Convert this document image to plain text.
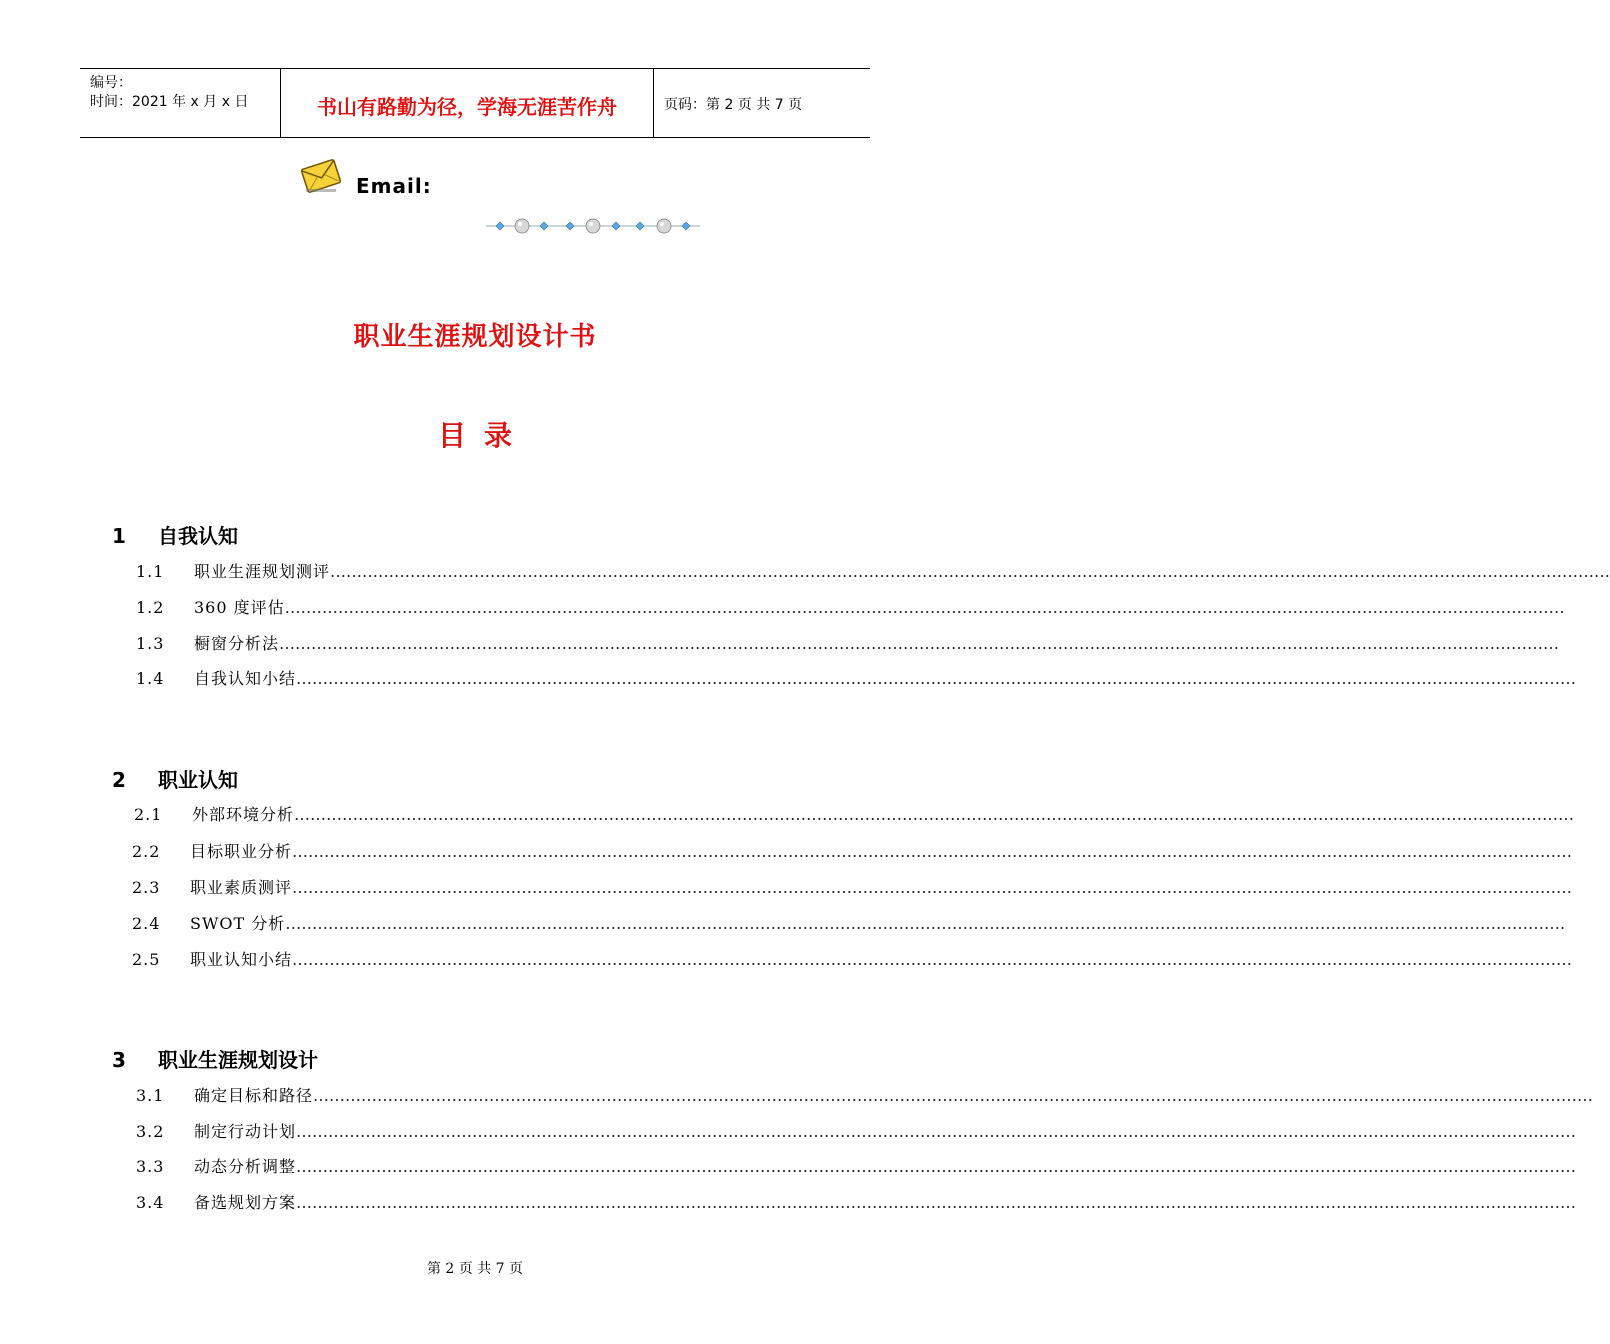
编号：
时间：2021 年 x 月 x 日	书山有路勤为径，学海无涯苦作舟	页码：第 2 页 共 7 页
Email:
职业生涯规划设计书
目录
1 自我认知
1.1	职业生涯规划测评 ……………………………………………………………………………………………………………………………………………………………………………………………………………………
1.2	360 度评估 ……………………………………………………………………………………………………………………………………………………………………………………………………………………
1.3	橱窗分析法 ……………………………………………………………………………………………………………………………………………………………………………………………………………………
1.4	自我认知小结 ……………………………………………………………………………………………………………………………………………………………………………………………………………………
2 职业认知
2.1	外部环境分析 ……………………………………………………………………………………………………………………………………………………………………………………………………………………
2.2	目标职业分析 ……………………………………………………………………………………………………………………………………………………………………………………………………………………
2.3	职业素质测评 ……………………………………………………………………………………………………………………………………………………………………………………………………………………
2.4	SWOT 分析 ……………………………………………………………………………………………………………………………………………………………………………………………………………………
2.5	职业认知小结 ……………………………………………………………………………………………………………………………………………………………………………………………………………………
3 职业生涯规划设计
3.1	确定目标和路径 ……………………………………………………………………………………………………………………………………………………………………………………………………………………
3.2	制定行动计划 ……………………………………………………………………………………………………………………………………………………………………………………………………………………
3.3	动态分析调整 ……………………………………………………………………………………………………………………………………………………………………………………………………………………
3.4	备选规划方案 ……………………………………………………………………………………………………………………………………………………………………………………………………………………
第 2 页 共 7 页
